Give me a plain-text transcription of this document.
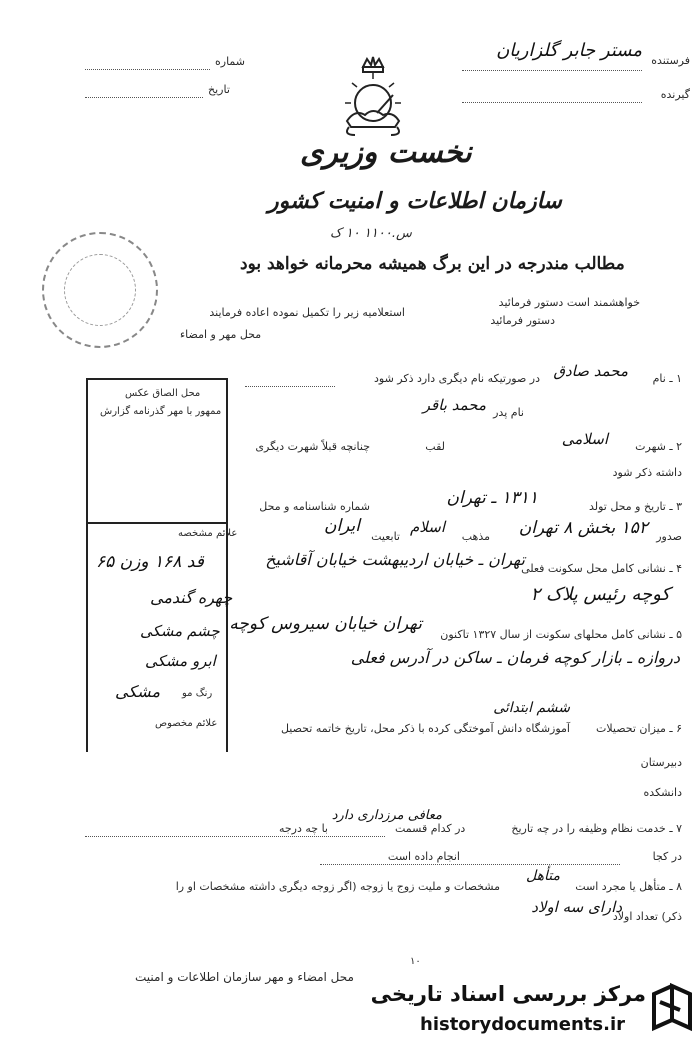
فرستنده
مستر جابر گلزاریان
گیرنده
شماره
تاریخ
نخست وزیری
سازمان اطلاعات و امنیت کشور
س.۱۱۰۰ ۱۰ ک
مطالب مندرجه در این برگ همیشه محرمانه خواهد بود
خواهشمند است دستور فرمائید
استعلامیه زیر را تکمیل نموده اعاده فرمایند
دستور فرمائید
محل مهر و امضاء
محل الصاق عکس
ممهور با مهر گذرنامه گزارش
علائم مشخصه
قد ۱۶۸ وزن ۶۵
چهره گندمی
چشم مشکی
ابرو مشکی
رنگ مو
مشکی
علائم مخصوص
۱ ـ نام
محمد صادق
در صورتیکه نام دیگری دارد ذکر شود
نام پدر
محمد باقر
۲ ـ شهرت
اسلامی
لقب
چنانچه قبلاً شهرت دیگری
داشته ذکر شود
۳ ـ تاریخ و محل تولد
۱۳۱۱ ـ تهران
شماره شناسنامه و محل
صدور
۱۵۲ بخش ۸ تهران
مذهب
اسلام
تابعیت
ایران
۴ ـ نشانی کامل محل سکونت فعلی
تهران ـ خیابان اردیبهشت خیابان آقاشیخ
کوچه رئیس پلاک ۲
۵ ـ نشانی کامل محلهای سکونت از سال ۱۳۲۷ تاکنون
تهران خیابان سیروس کوچه
دروازه ـ بازار کوچه فرمان ـ ساکن در آدرس فعلی
ششم ابتدائی
۶ ـ میزان تحصیلات
آموزشگاه دانش آموختگی کرده با ذکر محل، تاریخ خاتمه تحصیل
دبیرستان
دانشکده
۷ ـ خدمت نظام وظیفه را در چه تاریخ
معافی مرزداری دارد
با چه درجه	در کدام قسمت
در کجا
انجام داده است
۸ ـ متأهل یا مجرد است
متأهل
مشخصات و ملیت زوج یا زوجه (اگر زوجه دیگری داشته مشخصات او را
ذکر) تعداد اولاد
دارای سه اولاد
محل امضاء و مهر سازمان اطلاعات و امنیت
۱۰
مرکز بررسی اسناد تاریخی
historydocuments.ir
